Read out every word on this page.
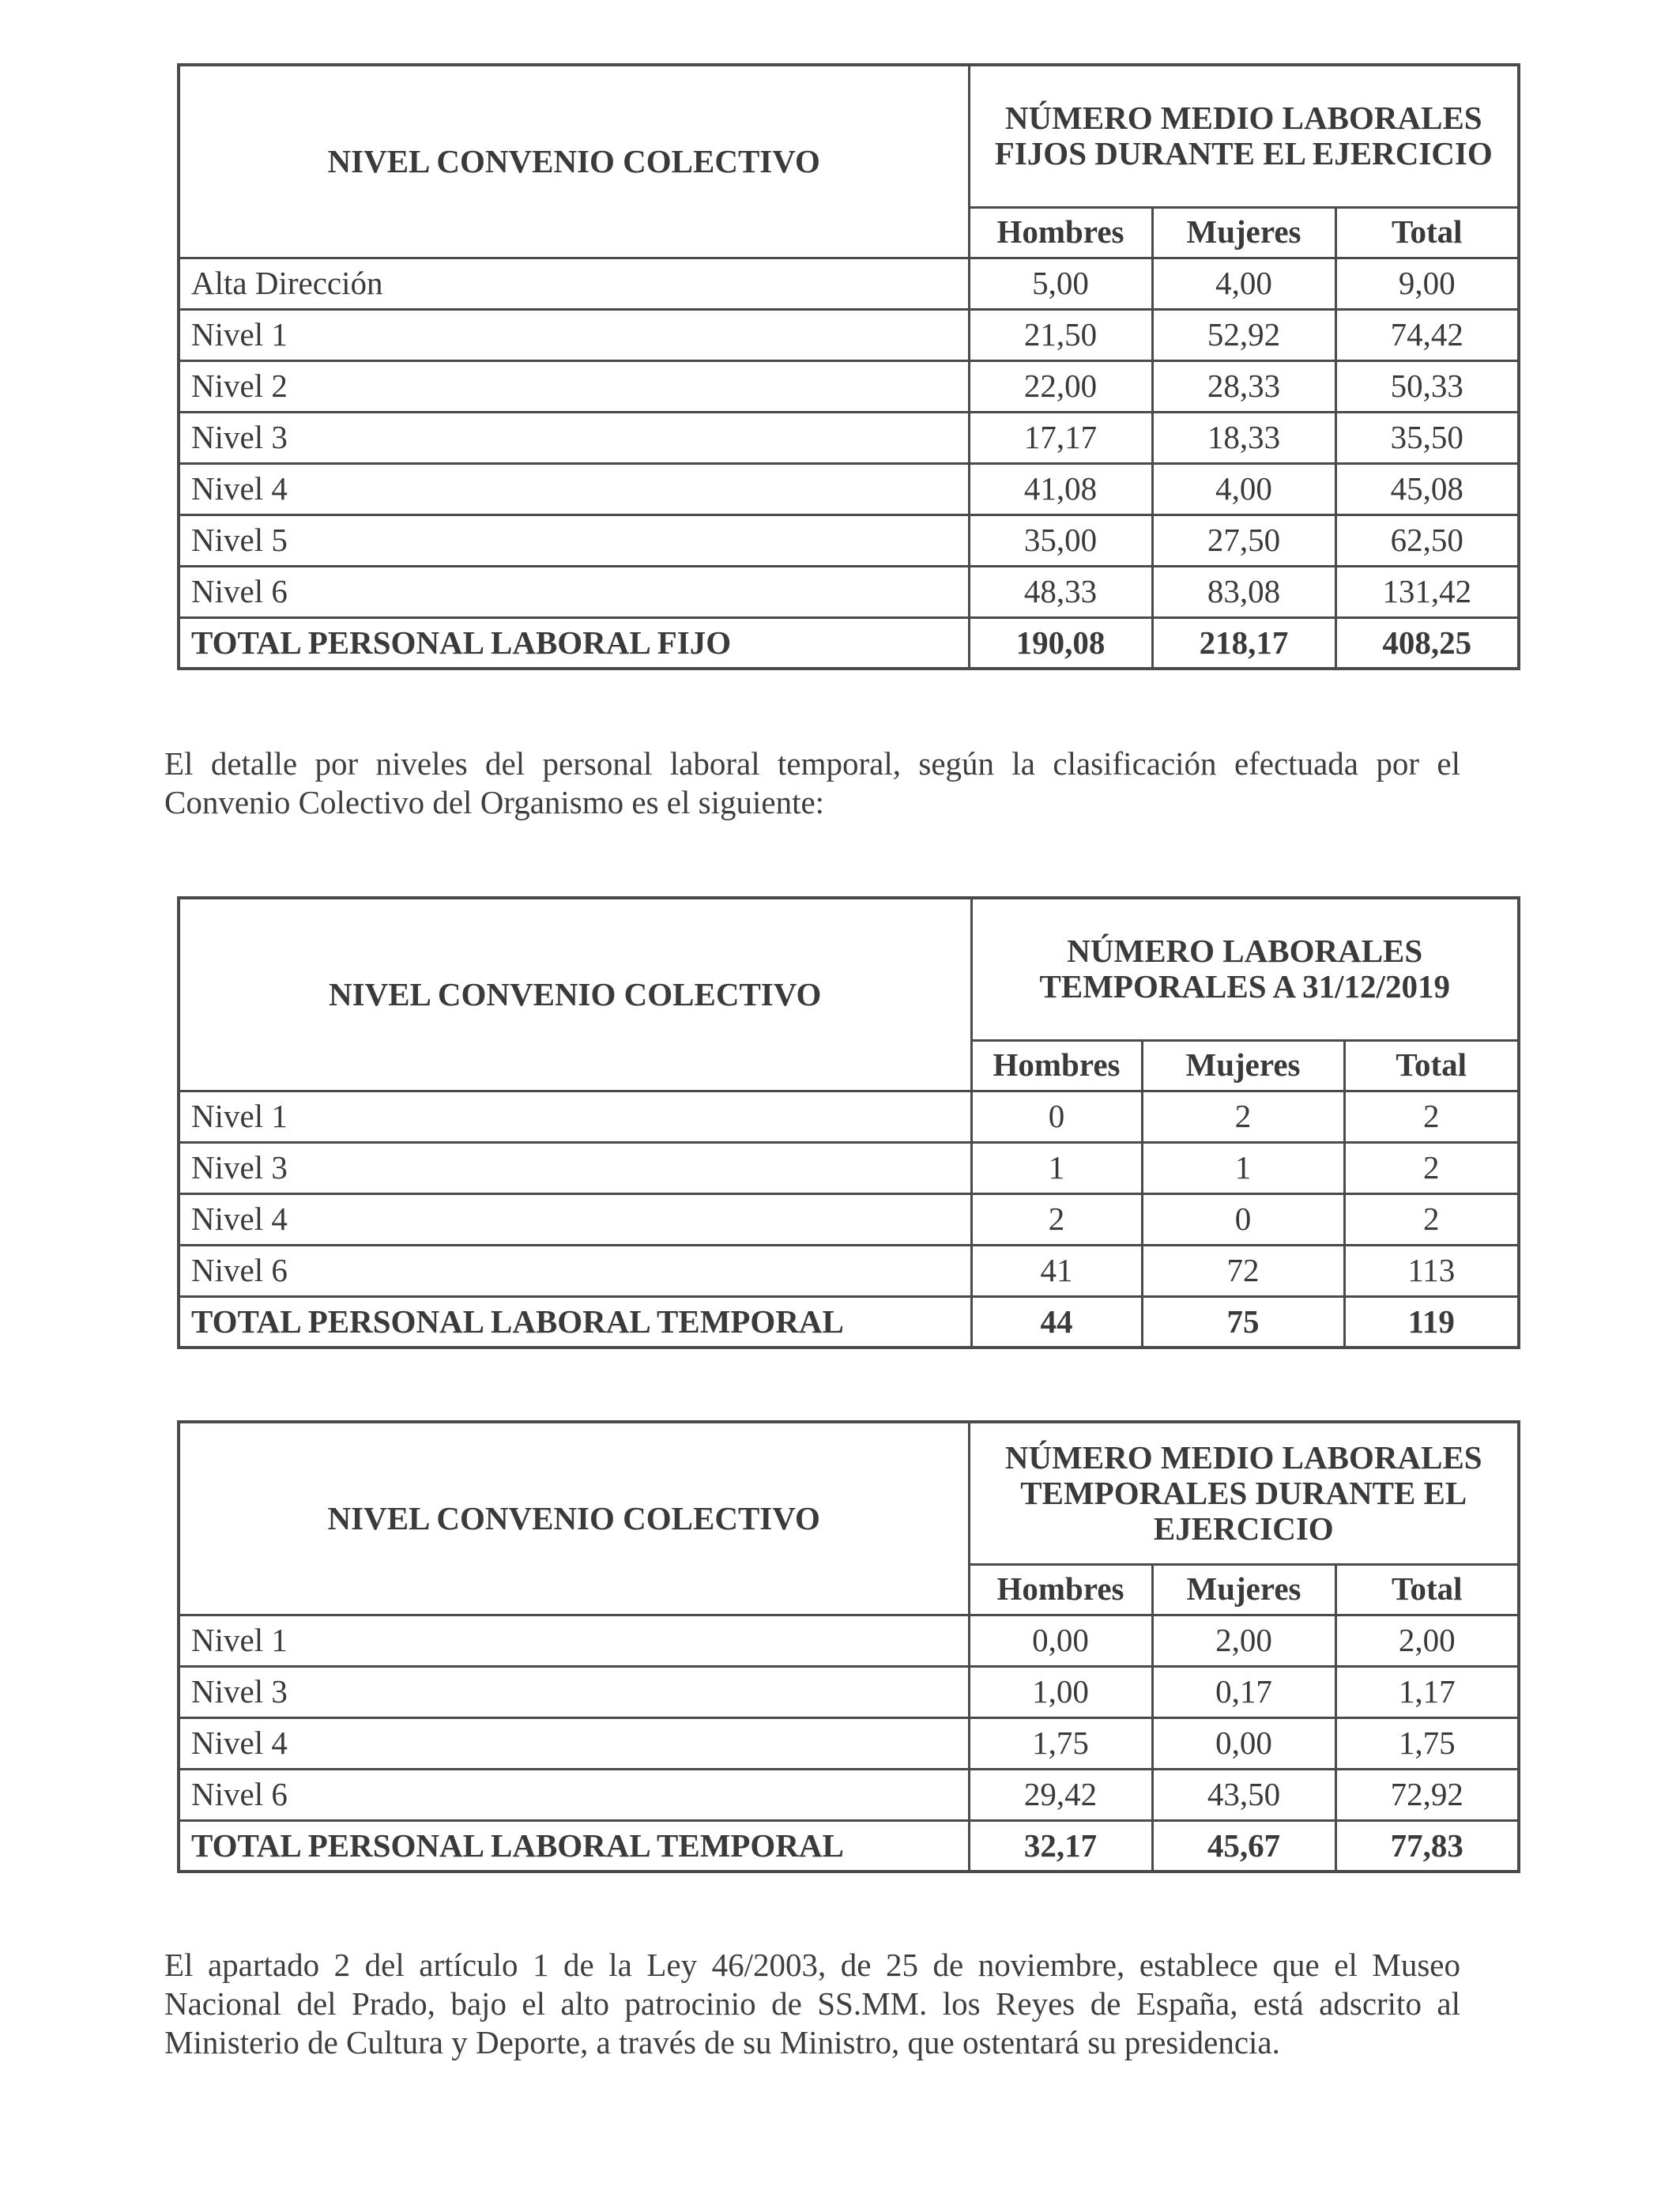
NIVEL CONVENIO COLECTIVO	NÚMERO MEDIO LABORALES FIJOS DURANTE EL EJERCICIO		
	Hombres	Mujeres	Total
Alta Dirección	5,00	4,00	9,00
Nivel 1	21,50	52,92	74,42
Nivel 2	22,00	28,33	50,33
Nivel 3	17,17	18,33	35,50
Nivel 4	41,08	4,00	45,08
Nivel 5	35,00	27,50	62,50
Nivel 6	48,33	83,08	131,42
TOTAL PERSONAL LABORAL FIJO	190,08	218,17	408,25

El detalle por niveles del personal laboral temporal, según la clasificación efectuada por el Convenio Colectivo del Organismo es el siguiente:

NIVEL CONVENIO COLECTIVO	NÚMERO LABORALES TEMPORALES A 31/12/2019		
	Hombres	Mujeres	Total
Nivel 1	0	2	2
Nivel 3	1	1	2
Nivel 4	2	0	2
Nivel 6	41	72	113
TOTAL PERSONAL LABORAL TEMPORAL	44	75	119
NIVEL CONVENIO COLECTIVO	NÚMERO MEDIO LABORALES TEMPORALES DURANTE EL EJERCICIO		
	Hombres	Mujeres	Total
Nivel 1	0,00	2,00	2,00
Nivel 3	1,00	0,17	1,17
Nivel 4	1,75	0,00	1,75
Nivel 6	29,42	43,50	72,92
TOTAL PERSONAL LABORAL TEMPORAL	32,17	45,67	77,83

El apartado 2 del artículo 1 de la Ley 46/2003, de 25 de noviembre, establece que el Museo Nacional del Prado, bajo el alto patrocinio de SS.MM. los Reyes de España, está adscrito al Ministerio de Cultura y Deporte, a través de su Ministro, que ostentará su presidencia.
